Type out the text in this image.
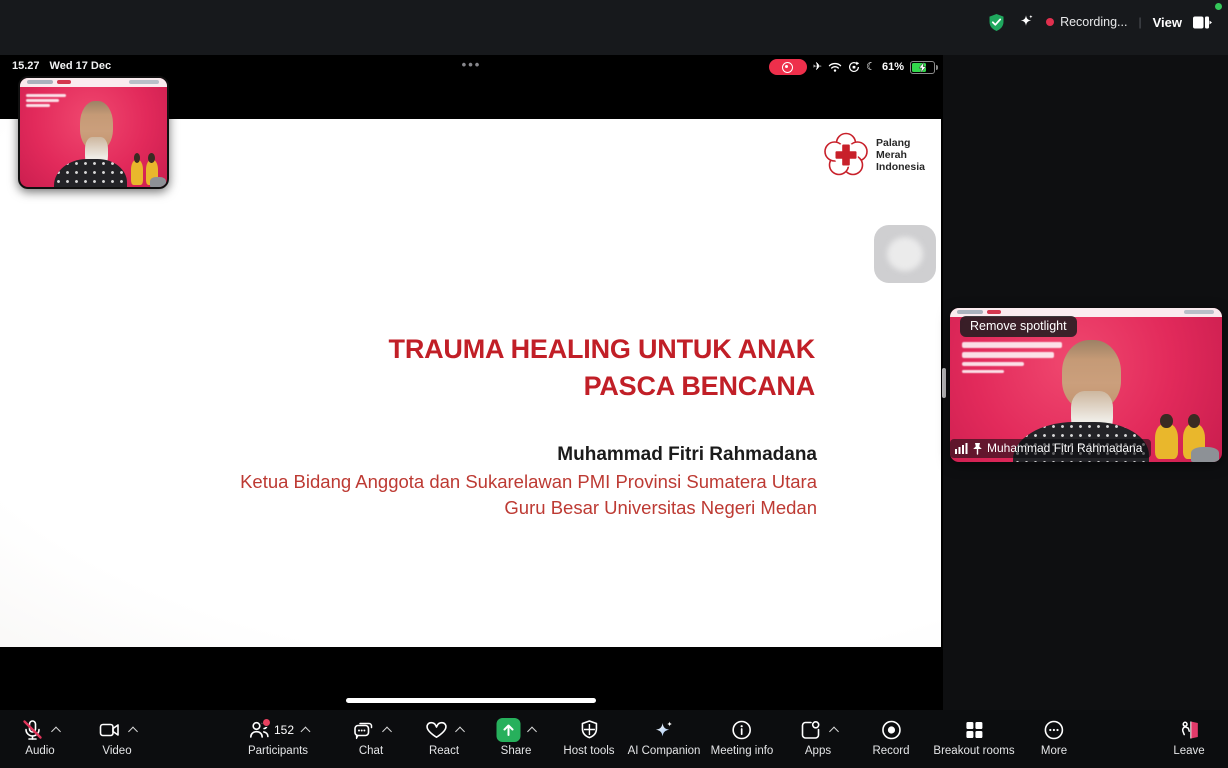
Recording... | View
15.27 Wed 17 Dec	•••	✈	☾ 61%
Palang
Merah
Indonesia
TRAUMA HEALING UNTUK ANAK
PASCA BENCANA
Muhammad Fitri Rahmadana
Ketua Bidang Anggota dan Sukarelawan PMI Provinsi Sumatera Utara
Guru Besar Universitas Negeri Medan
Remove spotlight
Muhammad Fitri Rahmadana
Audio	Video
152
Participants	Chat	React	Share	Host tools AI Companion Meeting info	Apps	Record Breakout rooms More	Leave
